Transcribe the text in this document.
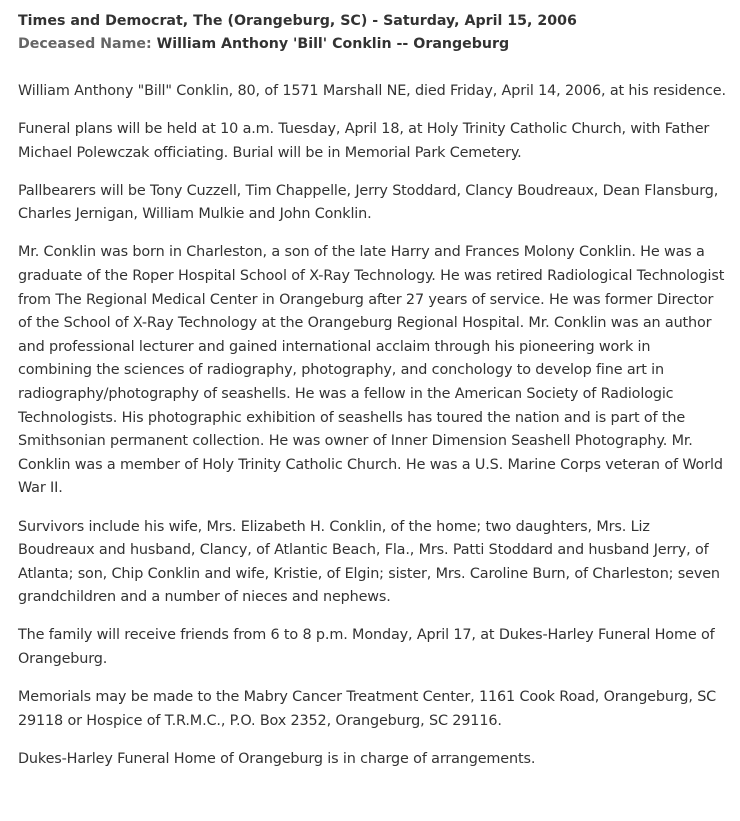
Times and Democrat, The (Orangeburg, SC) - Saturday, April 15, 2006
Deceased Name: William Anthony 'Bill' Conklin -- Orangeburg

William Anthony "Bill" Conklin, 80, of 1571 Marshall NE, died Friday, April 14, 2006, at his residence.

Funeral plans will be held at 10 a.m. Tuesday, April 18, at Holy Trinity Catholic Church, with Father Michael Polewczak officiating. Burial will be in Memorial Park Cemetery.

Pallbearers will be Tony Cuzzell, Tim Chappelle, Jerry Stoddard, Clancy Boudreaux, Dean Flansburg, Charles Jernigan, William Mulkie and John Conklin.

Mr. Conklin was born in Charleston, a son of the late Harry and Frances Molony Conklin. He was a graduate of the Roper Hospital School of X-Ray Technology. He was retired Radiological Technologist from The Regional Medical Center in Orangeburg after 27 years of service. He was former Director of the School of X-Ray Technology at the Orangeburg Regional Hospital. Mr. Conklin was an author and professional lecturer and gained international acclaim through his pioneering work in combining the sciences of radiography, photography, and conchology to develop fine art in radiography/photography of seashells. He was a fellow in the American Society of Radiologic Technologists. His photographic exhibition of seashells has toured the nation and is part of the Smithsonian permanent collection. He was owner of Inner Dimension Seashell Photography. Mr. Conklin was a member of Holy Trinity Catholic Church. He was a U.S. Marine Corps veteran of World War II.

Survivors include his wife, Mrs. Elizabeth H. Conklin, of the home; two daughters, Mrs. Liz Boudreaux and husband, Clancy, of Atlantic Beach, Fla., Mrs. Patti Stoddard and husband Jerry, of Atlanta; son, Chip Conklin and wife, Kristie, of Elgin; sister, Mrs. Caroline Burn, of Charleston; seven grandchildren and a number of nieces and nephews.

The family will receive friends from 6 to 8 p.m. Monday, April 17, at Dukes-Harley Funeral Home of Orangeburg.

Memorials may be made to the Mabry Cancer Treatment Center, 1161 Cook Road, Orangeburg, SC 29118 or Hospice of T.R.M.C., P.O. Box 2352, Orangeburg, SC 29116.

Dukes-Harley Funeral Home of Orangeburg is in charge of arrangements.
